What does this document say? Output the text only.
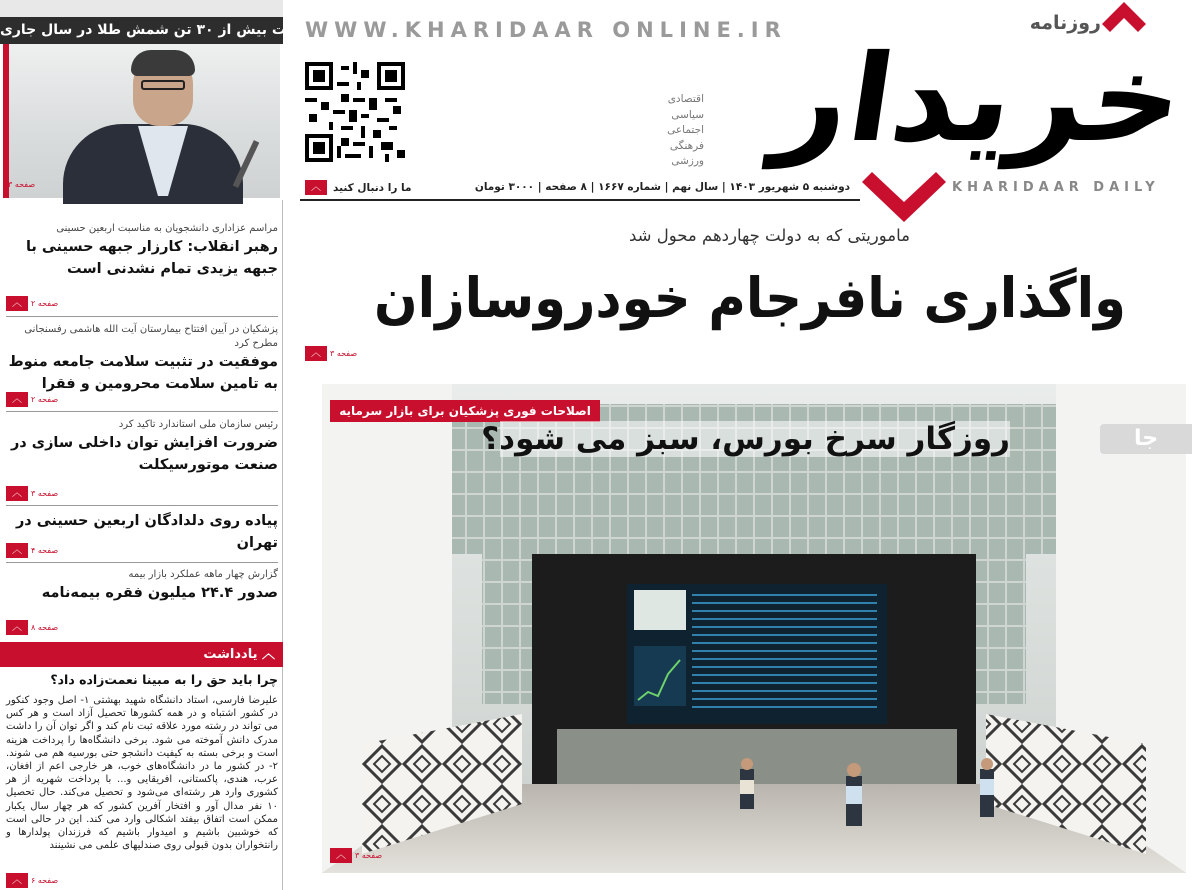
واردات بیش از ۳۰ تن شمش طلا در سال جاری
صفحه ۳
مراسم عزاداری دانشجویان به مناسبت اربعین حسینی
رهبر انقلاب: کارزار جبهه حسینی با جبهه یزیدی تمام نشدنی است
︿	صفحه ۲
پزشکیان در آیین افتتاح بیمارستان آیت الله هاشمی رفسنجانی مطرح کرد
موفقیت در تثبیت سلامت جامعه منوط به تامین سلامت محرومین و فقرا
︿	صفحه ۲
رئیس سازمان ملی استاندارد تاکید کرد
ضرورت افزایش توان داخلی سازی در صنعت موتورسیکلت
︿	صفحه ۳
پیاده روی دلدادگان اربعین حسینی در تهران
︿	صفحه ۴
گزارش چهار ماهه عملکرد بازار بیمه
صدور ۲۴.۴ میلیون فقره بیمه‌نامه
︿	صفحه ۸
︿ یادداشت
چرا باید حق را به مبینا نعمت‌زاده داد؟
علیرضا فارسی، استاد دانشگاه شهید بهشتی ۱- اصل وجود کنکور در کشور اشتباه و در همه کشورها تحصیل آزاد است و هر کس می تواند در رشته مورد علاقه ثبت نام کند و اگر توان آن را داشت مدرک دانش آموخته می شود. برخی دانشگاه‌ها را پرداخت هزینه است و برخی بسته به کیفیت دانشجو حتی بورسیه هم می شوند. ۲- در کشور ما در دانشگاه‌های خوب، هر خارجی اعم از افغان، عرب، هندی، پاکستانی، افریقایی و... با پرداخت شهریه از هر کشوری وارد هر رشته‌ای می‌شود و تحصیل می‌کند. حال تحصیل ۱۰ نفر مدال آور و افتخار آفرین کشور که هر چهار سال یکبار ممکن است اتفاق بیفتد اشکالی وارد می کند. این در حالی است که خوشبین باشیم و امیدوار باشیم که فرزندان پولدارها و رانتخواران بدون قبولی روی صندلیهای علمی می نشینند
︿	صفحه ۶
WWW.KHARIDAAR ONLINE.IR
اقتصادی
سیاسی
اجتماعی
فرهنگی
ورزشی خریدار
روزنامه
KHARIDAAR DAILY
دوشنبه ۵ شهریور ۱۴۰۳ | سال نهم | شماره ۱۶۶۷ | ۸ صفحه | ۳۰۰۰ تومان
ما را دنبال کنید
︿
ماموریتی که به دولت چهاردهم محول شد
واگذاری نافرجام خودروسازان
︿	صفحه ۳
اصلاحات فوری پزشکیان برای بازار سرمایه
روزگار سرخ بورس، سبز می شود؟
︿	صفحه ۳
جا
